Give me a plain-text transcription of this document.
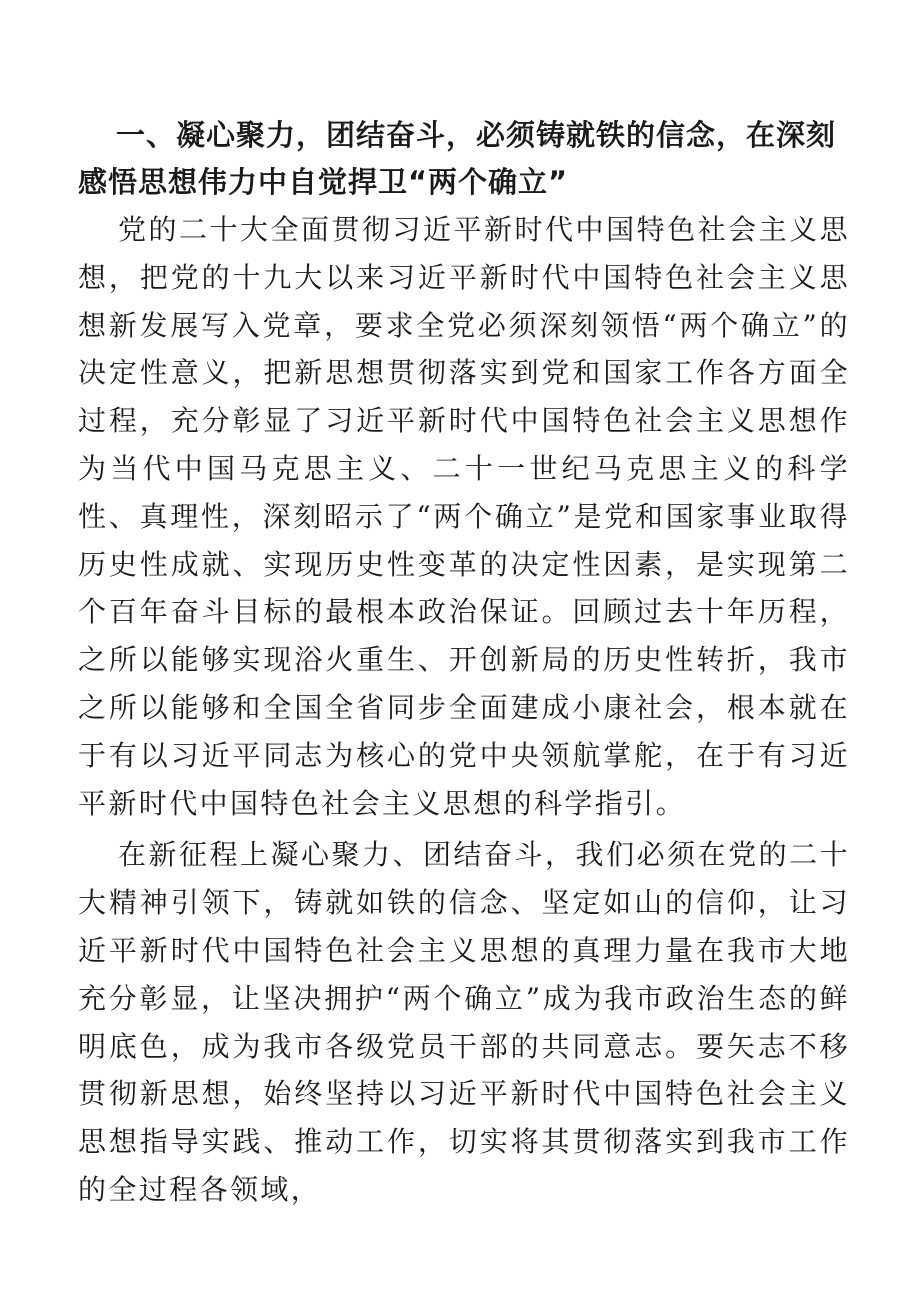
一、凝心聚力，团结奋斗，必须铸就铁的信念，在深刻感悟思想伟力中自觉捍卫“两个确立”

党的二十大全面贯彻习近平新时代中国特色社会主义思想，把党的十九大以来习近平新时代中国特色社会主义思想新发展写入党章，要求全党必须深刻领悟“两个确立”的决定性意义，把新思想贯彻落实到党和国家工作各方面全过程，充分彰显了习近平新时代中国特色社会主义思想作为当代中国马克思主义、二十一世纪马克思主义的科学性、真理性，深刻昭示了“两个确立”是党和国家事业取得历史性成就、实现历史性变革的决定性因素，是实现第二个百年奋斗目标的最根本政治保证。回顾过去十年历程，之所以能够实现浴火重生、开创新局的历史性转折，我市之所以能够和全国全省同步全面建成小康社会，根本就在于有以习近平同志为核心的党中央领航掌舵，在于有习近平新时代中国特色社会主义思想的科学指引。

在新征程上凝心聚力、团结奋斗，我们必须在党的二十大精神引领下，铸就如铁的信念、坚定如山的信仰，让习近平新时代中国特色社会主义思想的真理力量在我市大地充分彰显，让坚决拥护“两个确立”成为我市政治生态的鲜明底色，成为我市各级党员干部的共同意志。要矢志不移贯彻新思想，始终坚持以习近平新时代中国特色社会主义思想指导实践、推动工作，切实将其贯彻落实到我市工作的全过程各领域，
